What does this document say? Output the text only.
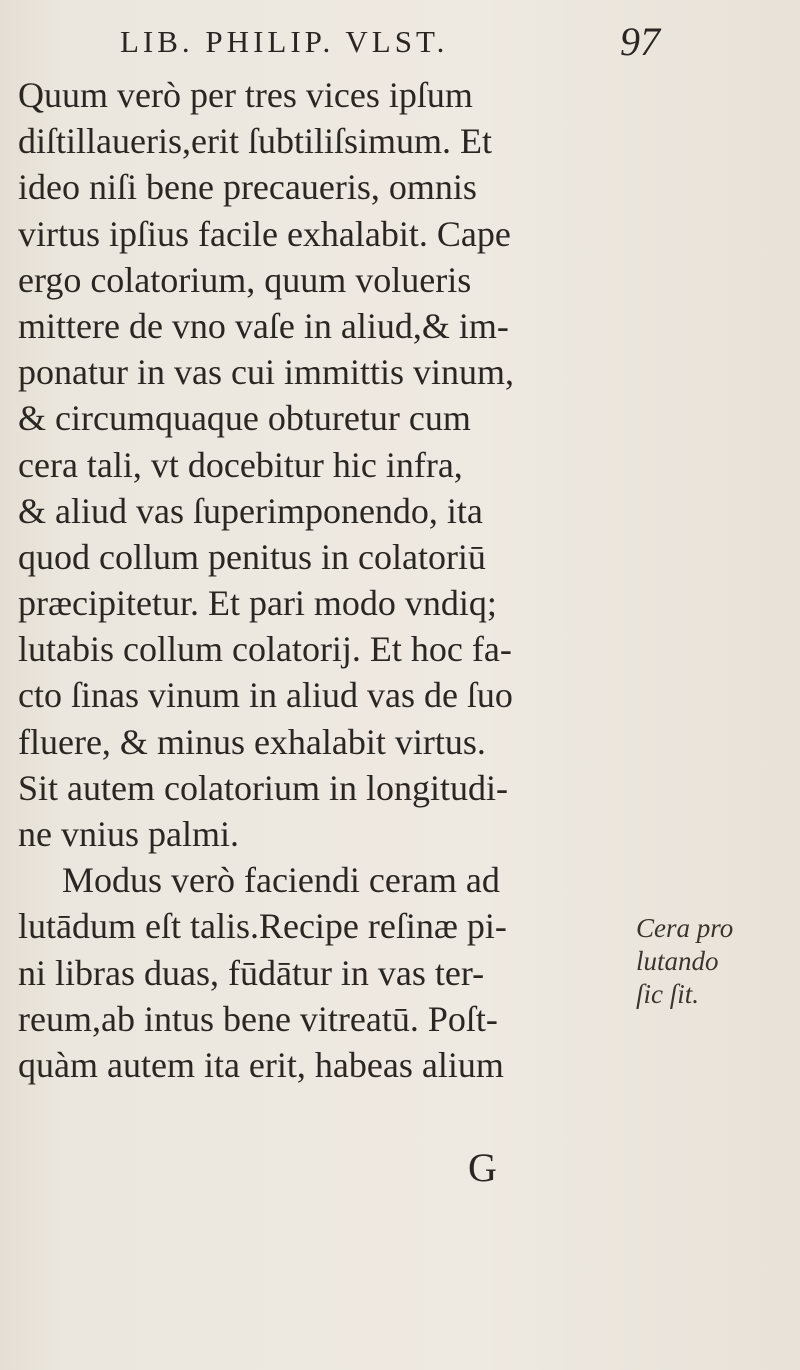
LIB. PHILIP. VLST.	97
Quum verò per tres vices ipſum
diſtillaueris,erit ſubtiliſsimum. Et
ideo niſi bene precaueris, omnis
virtus ipſius facile exhalabit. Cape
ergo colatorium, quum volueris
mittere de vno vaſe in aliud,& im-
ponatur in vas cui immittis vinum,
& circumquaque obturetur cum
cera tali, vt docebitur hic infra,
& aliud vas ſuperimponendo, ita
quod collum penitus in colatoriū
præcipitetur. Et pari modo vndiq;
lutabis collum colatorij. Et hoc fa-
cto ſinas vinum in aliud vas de ſuo
fluere, & minus exhalabit virtus.
Sit autem colatorium in longitudi-
ne vnius palmi.
Modus verò faciendi ceram ad
lutādum eſt talis.Recipe reſinæ pi-
ni libras duas, fūdātur in vas ter-
reum,ab intus bene vitreatū. Poſt-
quàm autem ita erit, habeas alium
Cera pro
lutando
ſic ſit.
G
